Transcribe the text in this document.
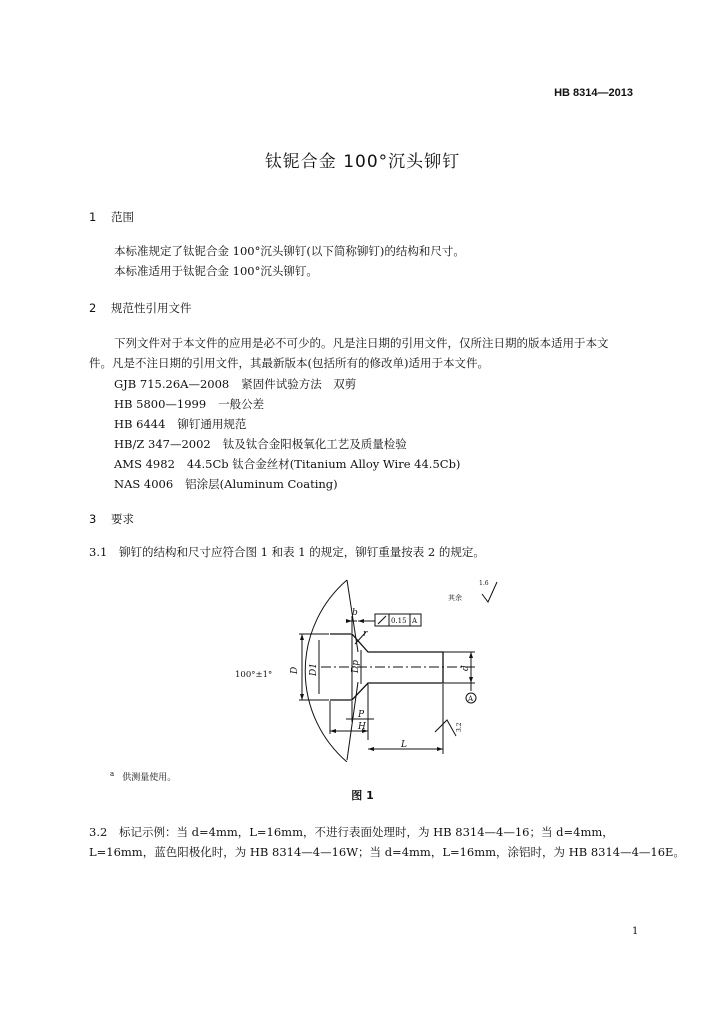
HB 8314—2013
钛铌合金 100°沉头铆钉
1 范围
本标准规定了钛铌合金 100°沉头铆钉(以下简称铆钉)的结构和尺寸。
本标准适用于钛铌合金 100°沉头铆钉。
2 规范性引用文件
下列文件对于本文件的应用是必不可少的。凡是注日期的引用文件，仅所注日期的版本适用于本文
件。凡是不注日期的引用文件，其最新版本(包括所有的修改单)适用于本文件。
GJB 715.26A—2008 紧固件试验方法　双剪
HB 5800—1999 一般公差
HB 6444 铆钉通用规范
HB/Z 347—2002 钛及钛合金阳极氧化工艺及质量检验
AMS 4982 44.5Cb 钛合金丝材(Titanium Alloy Wire 44.5Cb)
NAS 4006 铝涂层(Aluminum Coating)
3 要求
3.1 铆钉的结构和尺寸应符合图 1 和表 1 的规定，铆钉重量按表 2 的规定。
100°±1°
其余
1.6
3.2
0.15 A
A
b
r
D D1	Dp	d
P
H
L
$^a$ 供测量使用。
图 1
3.2 标记示例：当 d=4mm，L=16mm，不进行表面处理时，为 HB 8314—4—16；当 d=4mm，
L=16mm，蓝色阳极化时，为 HB 8314—4—16W；当 d=4mm，L=16mm，涂铝时，为 HB 8314—4—16E。
1
